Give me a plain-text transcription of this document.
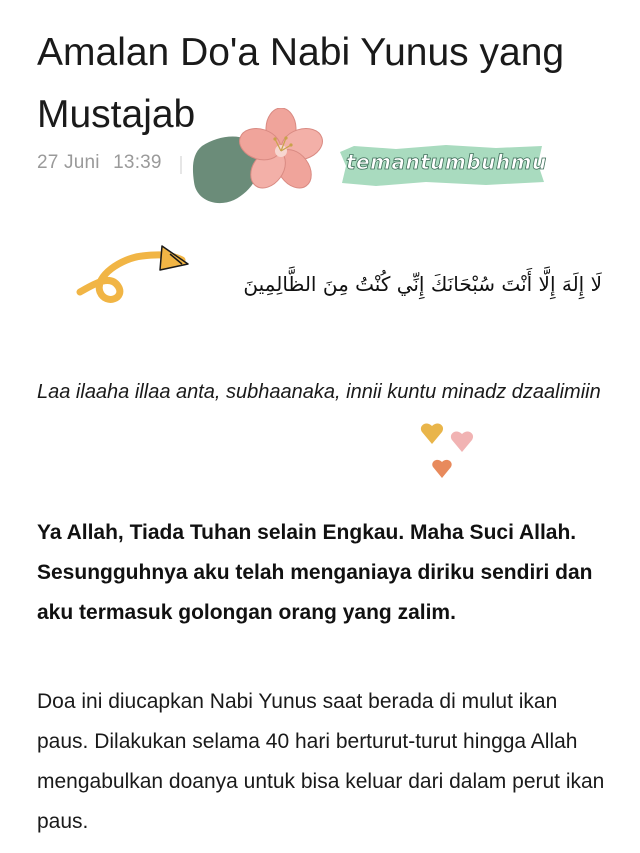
Amalan Do'a Nabi Yunus yang Mustajab
27 Juni 13:39	temantumbuhmu
لَا إِلَهَ إِلَّا أَنْتَ سُبْحَانَكَ إِنِّي كُنْتُ مِنَ الظَّالِمِينَ

Laa ilaaha illaa anta, subhaanaka, innii kuntu minadz dzaalimiin

Ya Allah, Tiada Tuhan selain Engkau. Maha Suci Allah. Sesungguhnya aku telah menganiaya diriku sendiri dan aku termasuk golongan orang yang zalim.

Doa ini diucapkan Nabi Yunus saat berada di mulut ikan paus. Dilakukan selama 40 hari berturut-turut hingga Allah mengabulkan doanya untuk bisa keluar dari dalam perut ikan paus.
